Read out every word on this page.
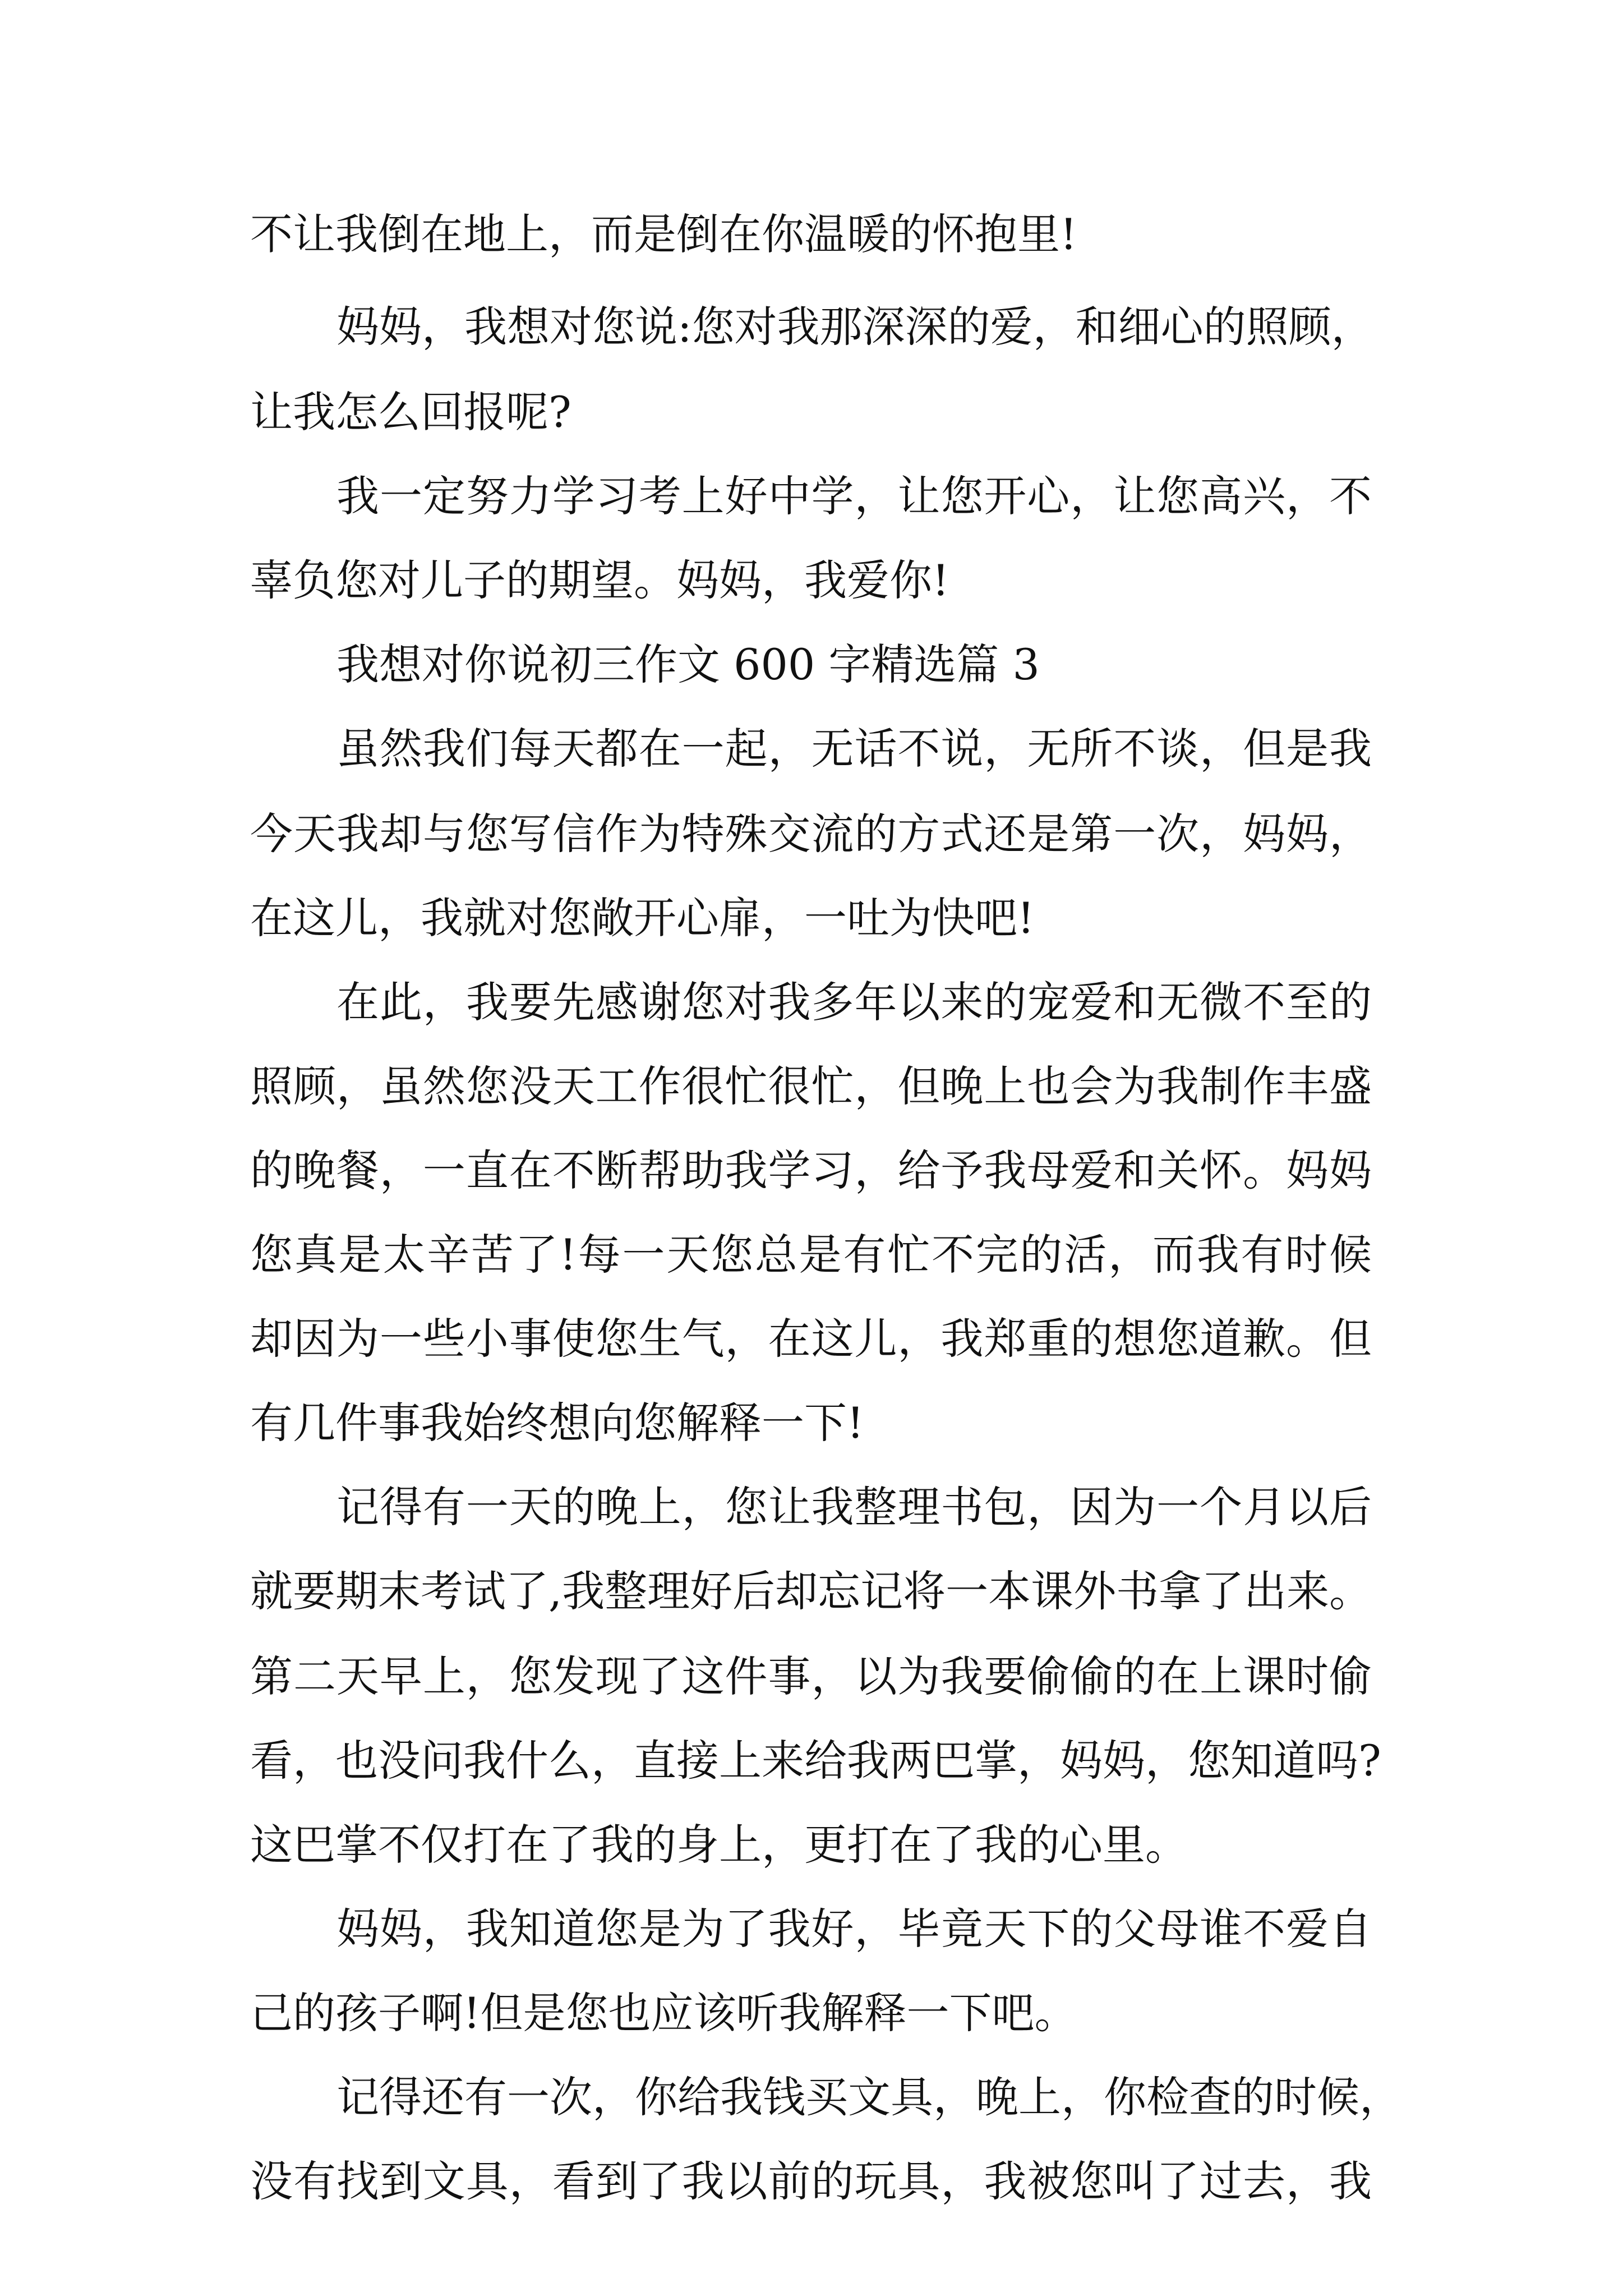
不让我倒在地上，而是倒在你温暖的怀抱里!
妈妈，我想对您说:您对我那深深的爱，和细心的照顾，
让我怎么回报呢?
我一定努力学习考上好中学，让您开心，让您高兴，不
辜负您对儿子的期望。妈妈，我爱你!
我想对你说初三作文 600 字精选篇 3
虽然我们每天都在一起，无话不说，无所不谈，但是我
今天我却与您写信作为特殊交流的方式还是第一次，妈妈，
在这儿，我就对您敞开心扉，一吐为快吧!
在此，我要先感谢您对我多年以来的宠爱和无微不至的
照顾，虽然您没天工作很忙很忙，但晚上也会为我制作丰盛
的晚餐，一直在不断帮助我学习，给予我母爱和关怀。妈妈
您真是太辛苦了!每一天您总是有忙不完的活，而我有时候
却因为一些小事使您生气，在这儿，我郑重的想您道歉。但
有几件事我始终想向您解释一下!
记得有一天的晚上，您让我整理书包，因为一个月以后
就要期末考试了,我整理好后却忘记将一本课外书拿了出来。
第二天早上，您发现了这件事，以为我要偷偷的在上课时偷
看，也没问我什么，直接上来给我两巴掌，妈妈，您知道吗?
这巴掌不仅打在了我的身上，更打在了我的心里。
妈妈，我知道您是为了我好，毕竟天下的父母谁不爱自
己的孩子啊!但是您也应该听我解释一下吧。
记得还有一次，你给我钱买文具，晚上，你检查的时候，
没有找到文具，看到了我以前的玩具，我被您叫了过去，我
